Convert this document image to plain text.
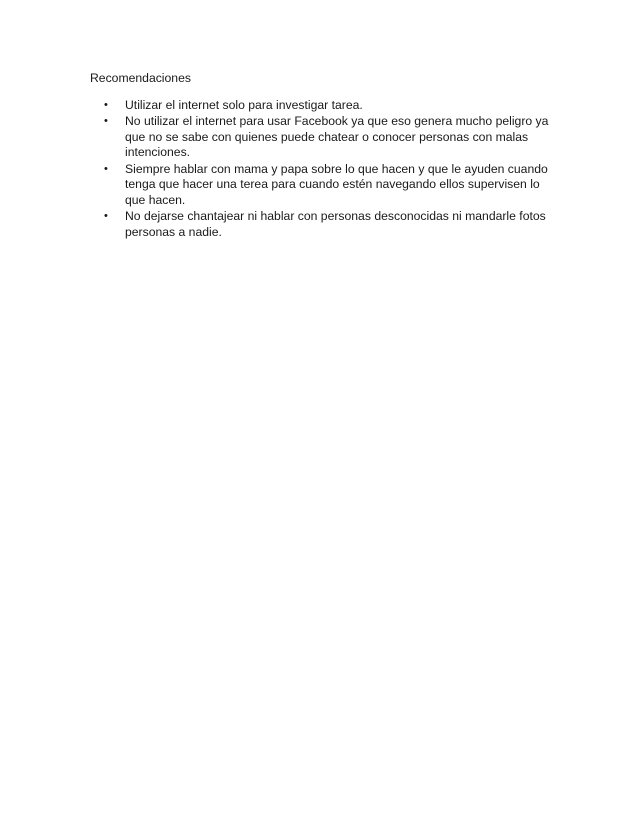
Recomendaciones

• Utilizar el internet solo para investigar tarea.
• No utilizar el internet para usar Facebook ya que eso genera mucho peligro ya que no se sabe con quienes puede chatear o conocer personas con malas intenciones.
• Siempre hablar con mama y papa sobre lo que hacen y que le ayuden cuando tenga que hacer una terea para cuando estén navegando ellos supervisen lo que hacen.
• No dejarse chantajear ni hablar con personas desconocidas ni mandarle fotos personas a nadie.
